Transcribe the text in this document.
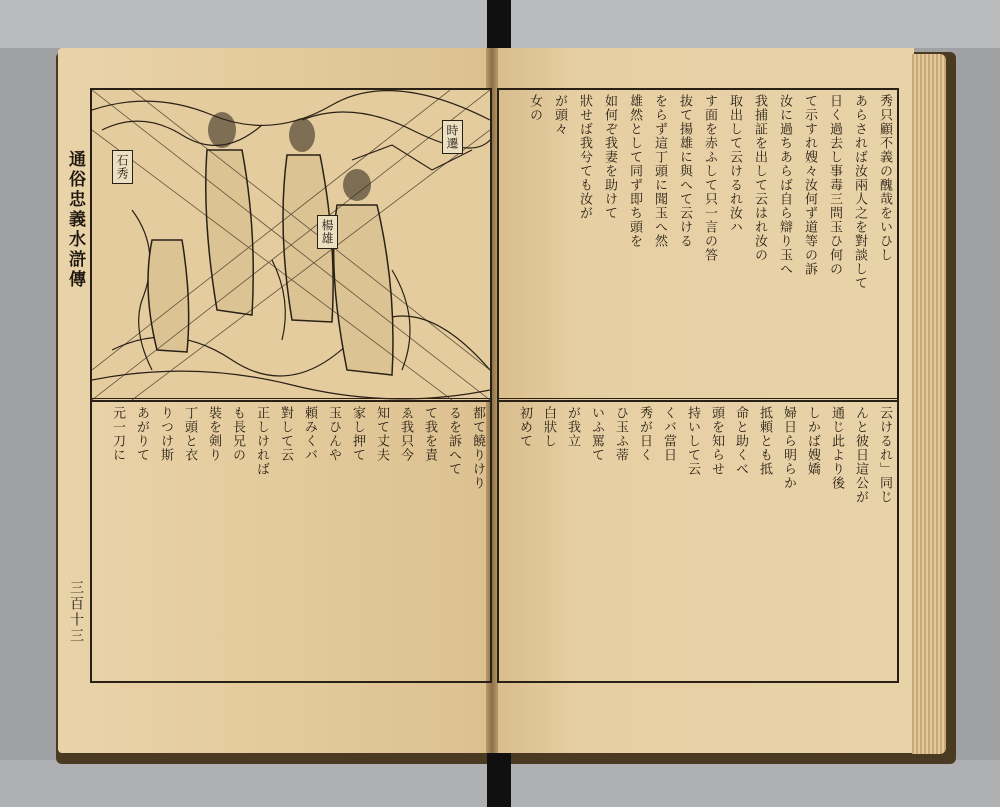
通俗忠義水滸傳
三百十三
石秀
時遷
楊雄	秀只顧不義の醜哉をいひし
あらされば汝兩人之を對談して
日く過去し事毒三問玉ひ何の
て示すれ嫂々汝何ず道等の訴
汝に過ちあらば自ら辯り玉へ
我捕証を出して云はれ汝の
取出して云けるれ汝ハ
す面を赤ふして只一言の答
抜て揚雄に與へて云ける
をらず這丁頭に聞玉へ然
雄然として同ず即ち頭を
如何ぞ我妻を助けて
狀せば我兮ても汝が
が頭々
女の
云けるれ」同じ
んと彼日這公が
通じ此より後
しかば嫂嬌
婦日ら明らか
抵頼とも抵
命と助くべ
頭を知らせ
持いして云
くバ當日
秀が日く
ひ玉ふ蒂
いふ罵て
が我立
白狀し
初めて
都て饒りけり
るを訴へて
て我を責
ゑ我只今
知て丈夫
家し押て
玉ひんや
頼みくバ
對して云
正しければ
も長兄の
裝を剣り
丁頭と衣
りつけ斯
あがりて
元一刀に
